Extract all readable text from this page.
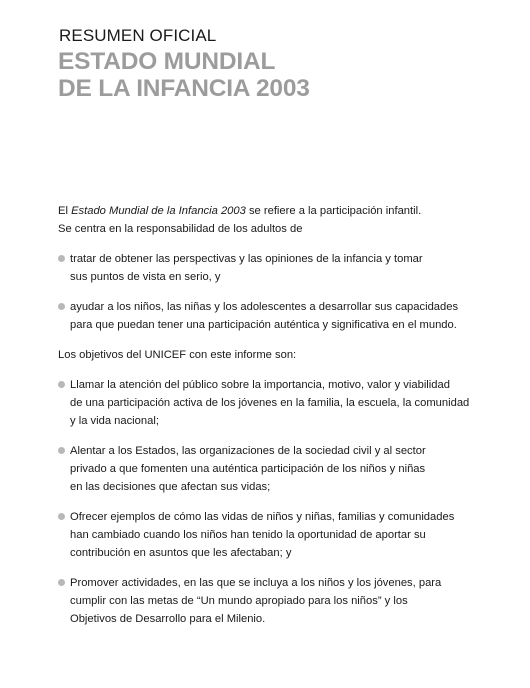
RESUMEN OFICIAL
ESTADO MUNDIAL
DE LA INFANCIA 2003

El Estado Mundial de la Infancia 2003 se refiere a la participación infantil.
Se centra en la responsabilidad de los adultos de

tratar de obtener las perspectivas y las opiniones de la infancia y tomar
sus puntos de vista en serio, y
ayudar a los niños, las niñas y los adolescentes a desarrollar sus capacidades
para que puedan tener una participación auténtica y significativa en el mundo.

Los objetivos del UNICEF con este informe son:

Llamar la atención del público sobre la importancia, motivo, valor y viabilidad
de una participación activa de los jóvenes en la familia, la escuela, la comunidad
y la vida nacional;
Alentar a los Estados, las organizaciones de la sociedad civil y al sector
privado a que fomenten una auténtica participación de los niños y niñas
en las decisiones que afectan sus vidas;
Ofrecer ejemplos de cómo las vidas de niños y niñas, familias y comunidades
han cambiado cuando los niños han tenido la oportunidad de aportar su
contribución en asuntos que les afectaban; y
Promover actividades, en las que se incluya a los niños y los jóvenes, para
cumplir con las metas de “Un mundo apropiado para los niños” y los
Objetivos de Desarrollo para el Milenio.
